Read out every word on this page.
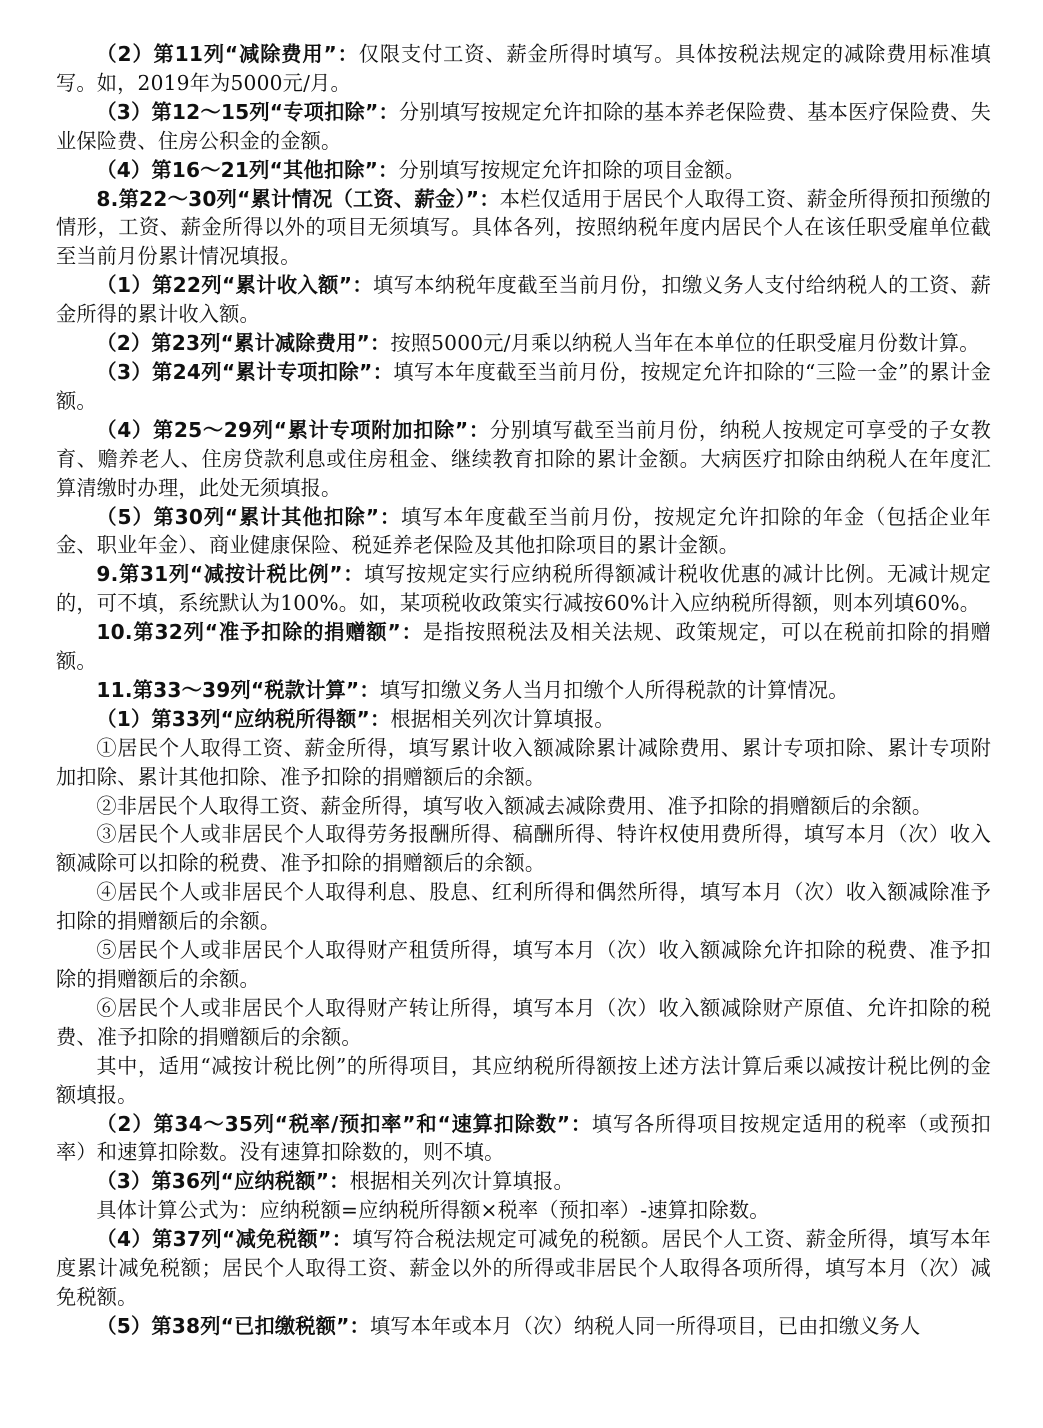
（2）第11列“减除费用”：仅限支付工资、薪金所得时填写。具体按税法规定的减除费用标准填写。如，2019年为5000元/月。

（3）第12～15列“专项扣除”：分别填写按规定允许扣除的基本养老保险费、基本医疗保险费、失业保险费、住房公积金的金额。

（4）第16～21列“其他扣除”：分别填写按规定允许扣除的项目金额。

8.第22～30列“累计情况（工资、薪金）”：本栏仅适用于居民个人取得工资、薪金所得预扣预缴的情形，工资、薪金所得以外的项目无须填写。具体各列，按照纳税年度内居民个人在该任职受雇单位截至当前月份累计情况填报。

（1）第22列“累计收入额”：填写本纳税年度截至当前月份，扣缴义务人支付给纳税人的工资、薪金所得的累计收入额。

（2）第23列“累计减除费用”：按照5000元/月乘以纳税人当年在本单位的任职受雇月份数计算。

（3）第24列“累计专项扣除”：填写本年度截至当前月份，按规定允许扣除的“三险一金”的累计金额。

（4）第25～29列“累计专项附加扣除”：分别填写截至当前月份，纳税人按规定可享受的子女教育、赡养老人、住房贷款利息或住房租金、继续教育扣除的累计金额。大病医疗扣除由纳税人在年度汇算清缴时办理，此处无须填报。

（5）第30列“累计其他扣除”：填写本年度截至当前月份，按规定允许扣除的年金（包括企业年金、职业年金）、商业健康保险、税延养老保险及其他扣除项目的累计金额。

9.第31列“减按计税比例”：填写按规定实行应纳税所得额减计税收优惠的减计比例。无减计规定的，可不填，系统默认为100%。如，某项税收政策实行减按60%计入应纳税所得额，则本列填60%。

10.第32列“准予扣除的捐赠额”：是指按照税法及相关法规、政策规定，可以在税前扣除的捐赠额。

11.第33～39列“税款计算”：填写扣缴义务人当月扣缴个人所得税款的计算情况。

（1）第33列“应纳税所得额”：根据相关列次计算填报。

①居民个人取得工资、薪金所得，填写累计收入额减除累计减除费用、累计专项扣除、累计专项附加扣除、累计其他扣除、准予扣除的捐赠额后的余额。

②非居民个人取得工资、薪金所得，填写收入额减去减除费用、准予扣除的捐赠额后的余额。

③居民个人或非居民个人取得劳务报酬所得、稿酬所得、特许权使用费所得，填写本月（次）收入额减除可以扣除的税费、准予扣除的捐赠额后的余额。

④居民个人或非居民个人取得利息、股息、红利所得和偶然所得，填写本月（次）收入额减除准予扣除的捐赠额后的余额。

⑤居民个人或非居民个人取得财产租赁所得，填写本月（次）收入额减除允许扣除的税费、准予扣除的捐赠额后的余额。

⑥居民个人或非居民个人取得财产转让所得，填写本月（次）收入额减除财产原值、允许扣除的税费、准予扣除的捐赠额后的余额。

其中，适用“减按计税比例”的所得项目，其应纳税所得额按上述方法计算后乘以减按计税比例的金额填报。

（2）第34～35列“税率/预扣率”和“速算扣除数”：填写各所得项目按规定适用的税率（或预扣率）和速算扣除数。没有速算扣除数的，则不填。

（3）第36列“应纳税额”：根据相关列次计算填报。

具体计算公式为：应纳税额=应纳税所得额×税率（预扣率）-速算扣除数。

（4）第37列“减免税额”：填写符合税法规定可减免的税额。居民个人工资、薪金所得，填写本年度累计减免税额；居民个人取得工资、薪金以外的所得或非居民个人取得各项所得，填写本月（次）减免税额。

（5）第38列“已扣缴税额”：填写本年或本月（次）纳税人同一所得项目，已由扣缴义务人
